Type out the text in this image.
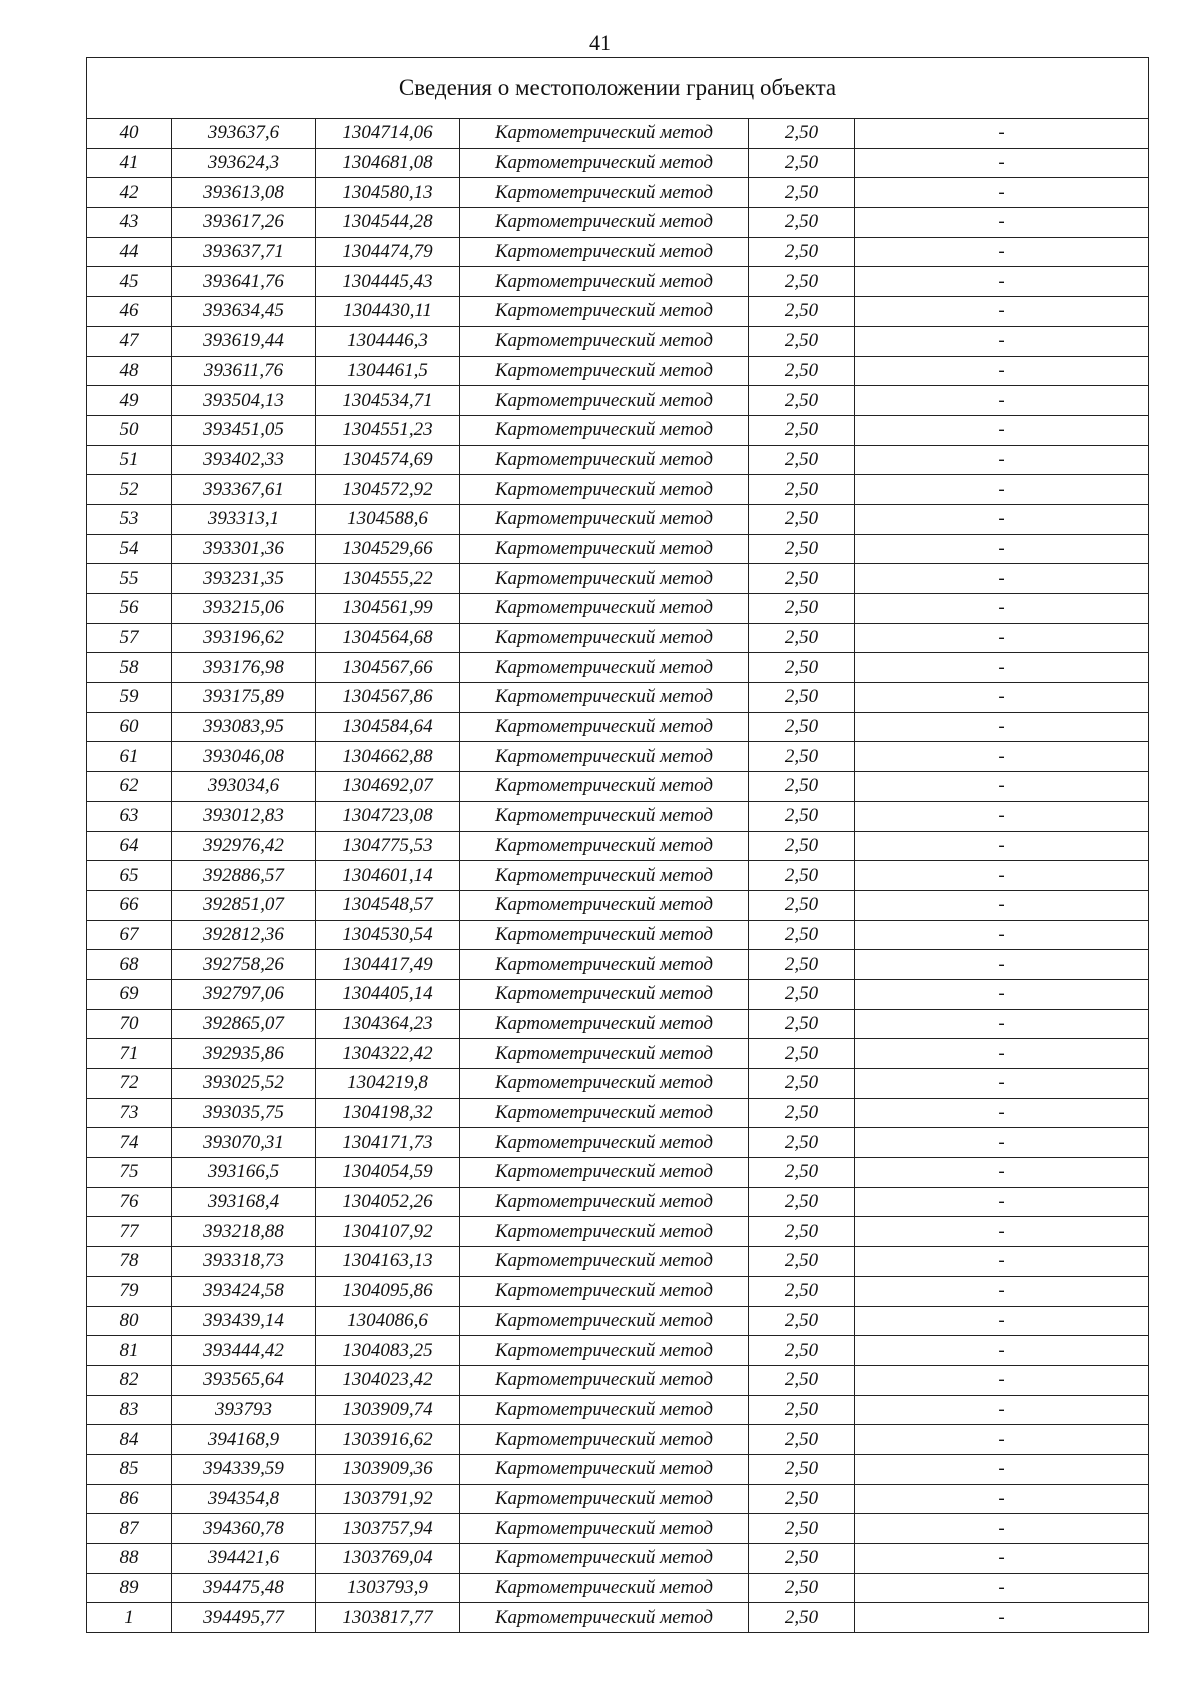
41
Сведения о местоположении границ объекта					
40	393637,6	1304714,06	Картометрический метод	2,50	-
41	393624,3	1304681,08	Картометрический метод	2,50	-
42	393613,08	1304580,13	Картометрический метод	2,50	-
43	393617,26	1304544,28	Картометрический метод	2,50	-
44	393637,71	1304474,79	Картометрический метод	2,50	-
45	393641,76	1304445,43	Картометрический метод	2,50	-
46	393634,45	1304430,11	Картометрический метод	2,50	-
47	393619,44	1304446,3	Картометрический метод	2,50	-
48	393611,76	1304461,5	Картометрический метод	2,50	-
49	393504,13	1304534,71	Картометрический метод	2,50	-
50	393451,05	1304551,23	Картометрический метод	2,50	-
51	393402,33	1304574,69	Картометрический метод	2,50	-
52	393367,61	1304572,92	Картометрический метод	2,50	-
53	393313,1	1304588,6	Картометрический метод	2,50	-
54	393301,36	1304529,66	Картометрический метод	2,50	-
55	393231,35	1304555,22	Картометрический метод	2,50	-
56	393215,06	1304561,99	Картометрический метод	2,50	-
57	393196,62	1304564,68	Картометрический метод	2,50	-
58	393176,98	1304567,66	Картометрический метод	2,50	-
59	393175,89	1304567,86	Картометрический метод	2,50	-
60	393083,95	1304584,64	Картометрический метод	2,50	-
61	393046,08	1304662,88	Картометрический метод	2,50	-
62	393034,6	1304692,07	Картометрический метод	2,50	-
63	393012,83	1304723,08	Картометрический метод	2,50	-
64	392976,42	1304775,53	Картометрический метод	2,50	-
65	392886,57	1304601,14	Картометрический метод	2,50	-
66	392851,07	1304548,57	Картометрический метод	2,50	-
67	392812,36	1304530,54	Картометрический метод	2,50	-
68	392758,26	1304417,49	Картометрический метод	2,50	-
69	392797,06	1304405,14	Картометрический метод	2,50	-
70	392865,07	1304364,23	Картометрический метод	2,50	-
71	392935,86	1304322,42	Картометрический метод	2,50	-
72	393025,52	1304219,8	Картометрический метод	2,50	-
73	393035,75	1304198,32	Картометрический метод	2,50	-
74	393070,31	1304171,73	Картометрический метод	2,50	-
75	393166,5	1304054,59	Картометрический метод	2,50	-
76	393168,4	1304052,26	Картометрический метод	2,50	-
77	393218,88	1304107,92	Картометрический метод	2,50	-
78	393318,73	1304163,13	Картометрический метод	2,50	-
79	393424,58	1304095,86	Картометрический метод	2,50	-
80	393439,14	1304086,6	Картометрический метод	2,50	-
81	393444,42	1304083,25	Картометрический метод	2,50	-
82	393565,64	1304023,42	Картометрический метод	2,50	-
83	393793	1303909,74	Картометрический метод	2,50	-
84	394168,9	1303916,62	Картометрический метод	2,50	-
85	394339,59	1303909,36	Картометрический метод	2,50	-
86	394354,8	1303791,92	Картометрический метод	2,50	-
87	394360,78	1303757,94	Картометрический метод	2,50	-
88	394421,6	1303769,04	Картометрический метод	2,50	-
89	394475,48	1303793,9	Картометрический метод	2,50	-
1	394495,77	1303817,77	Картометрический метод	2,50	-
